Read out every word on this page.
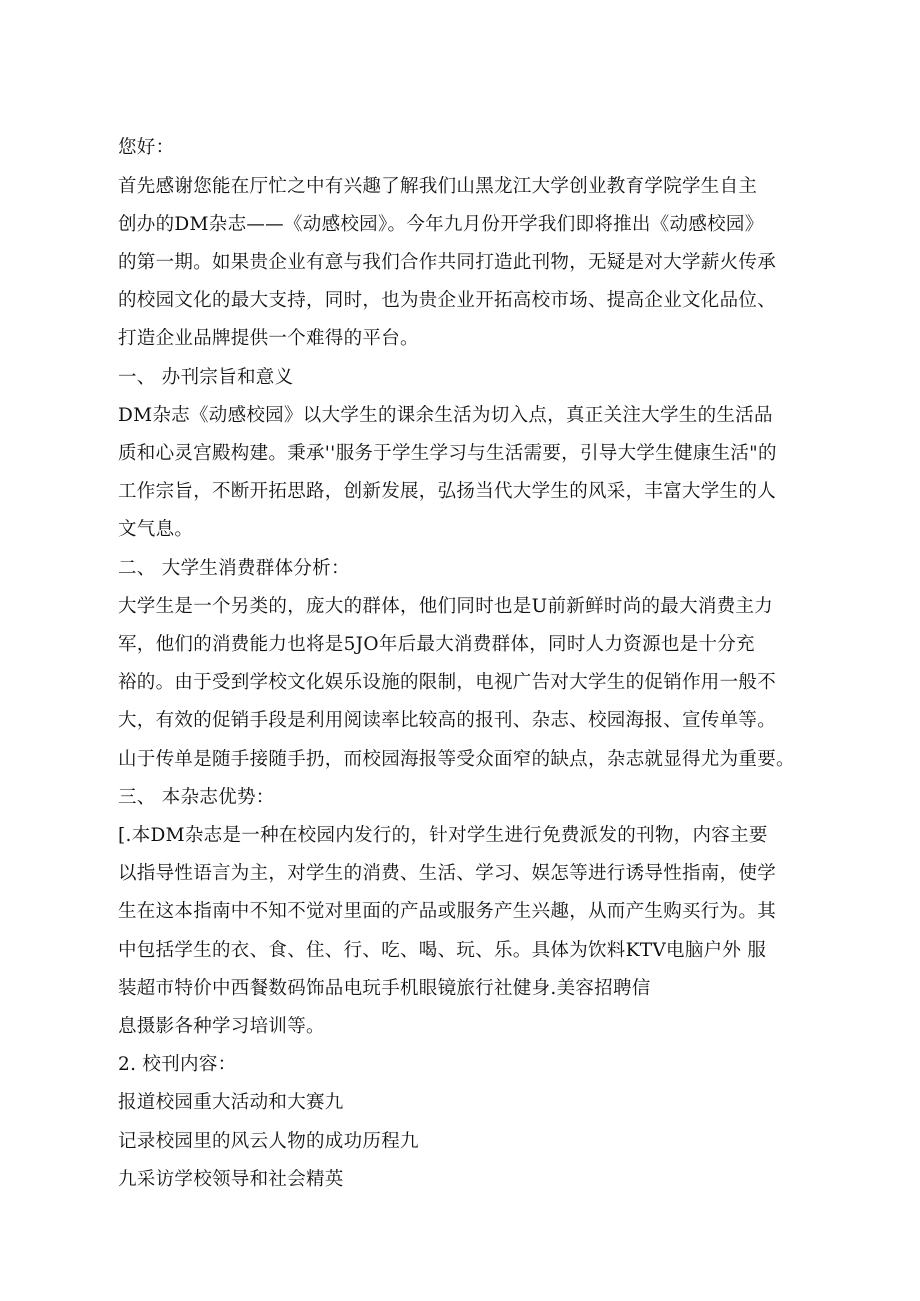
您好：
首先感谢您能在厅忙之中有兴趣了解我们山黑龙江大学创业教育学院学生自主
创办的DM杂志——《动感校园》。今年九月份开学我们即将推出《动感校园》
的第一期。如果贵企业有意与我们合作共同打造此刊物，无疑是对大学薪火传承
的校园文化的最大支持，同时，也为贵企业开拓高校市场、提高企业文化品位、
打造企业品牌提供一个难得的平台。
一、 办刊宗旨和意义
DM杂志《动感校园》以大学生的课余生活为切入点，真正关注大学生的生活品
质和心灵宫殿构建。秉承''服务于学生学习与生活需要，引导大学生健康生活"的
工作宗旨，不断开拓思路，创新发展，弘扬当代大学生的风采，丰富大学生的人
文气息。
二、 大学生消费群体分析：
大学生是一个另类的，庞大的群体，他们同时也是U前新鲜时尚的最大消费主力
军，他们的消费能力也将是5JO年后最大消费群体，同时人力资源也是十分充
裕的。由于受到学校文化娱乐设施的限制，电视广告对大学生的促销作用一般不
大，有效的促销手段是利用阅读率比较高的报刊、杂志、校园海报、宣传单等。
山于传单是随手接随手扔，而校园海报等受众面窄的缺点，杂志就显得尤为重要。
三、 本杂志优势：
[.本DM杂志是一种在校园内发行的，针对学生进行免费派发的刊物，内容主要
以指导性语言为主，对学生的消费、生活、学习、娱怎等进行诱导性指南，使学
生在这本指南中不知不觉对里面的产品或服务产生兴趣，从而产生购买行为。其
中包括学生的衣、食、住、行、吃、喝、玩、乐。具体为饮料KTV电脑户外 服
装超市特价中西餐数码饰品电玩手机眼镜旅行社健身.美容招聘信
息摄影各种学习培训等。
2. 校刊内容：
报道校园重大活动和大赛九
记录校园里的风云人物的成功历程九
九采访学校领导和社会精英
